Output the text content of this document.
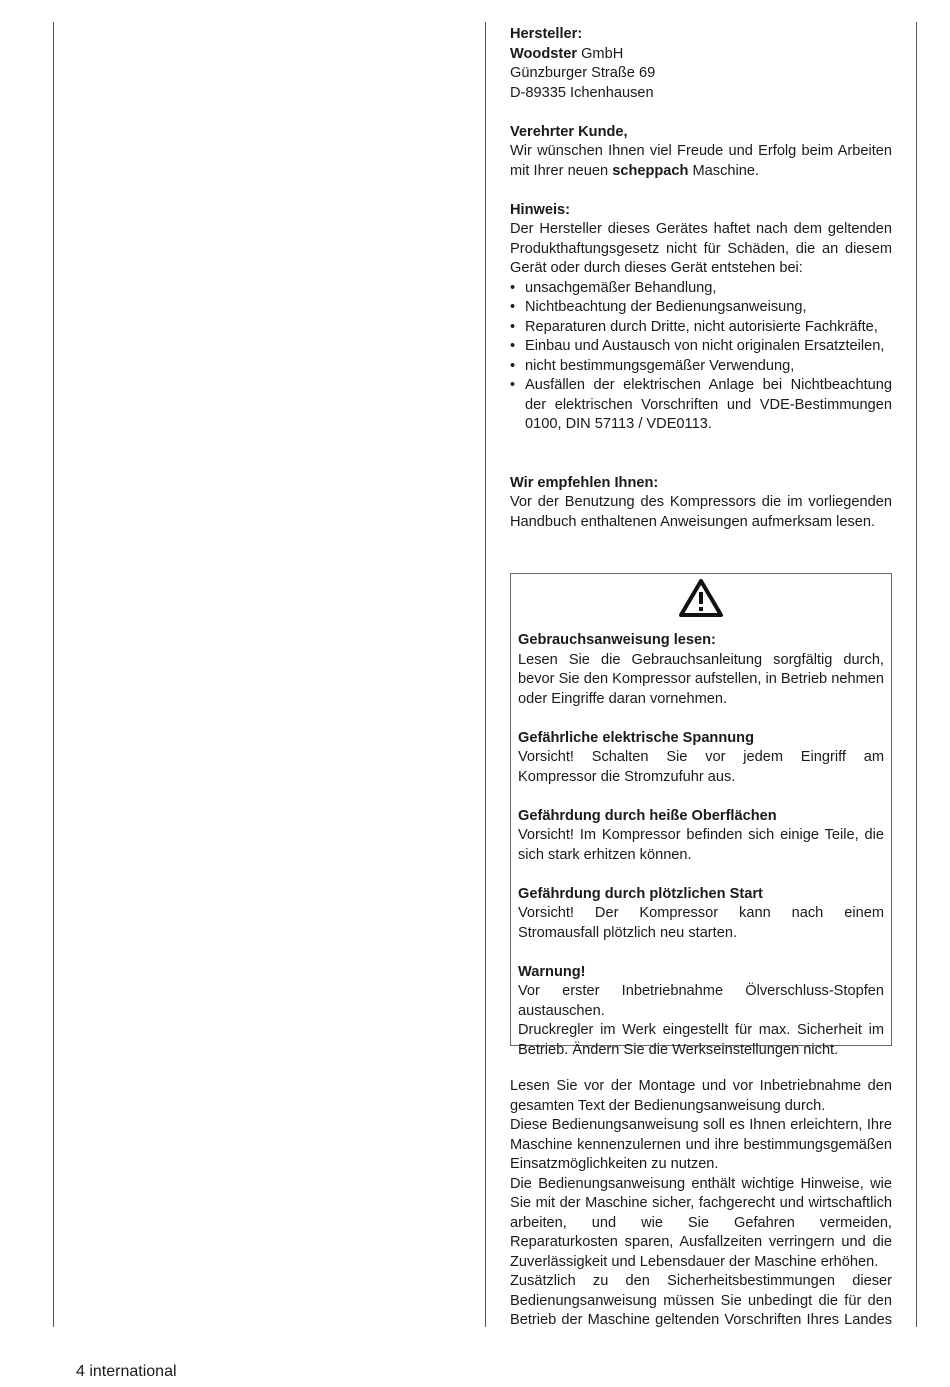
Hersteller:

Woodster GmbH

Günzburger Straße 69

D-89335 Ichenhausen

Verehrter Kunde,

Wir wünschen Ihnen viel Freude und Erfolg beim Arbeiten mit Ihrer neuen scheppach Maschine.

Hinweis:

Der Hersteller dieses Gerätes haftet nach dem geltenden Produkthaftungsgesetz nicht für Schäden, die an diesem Gerät oder durch dieses Gerät entstehen bei:

• unsachgemäßer Behandlung,
• Nichtbeachtung der Bedienungsanweisung,
• Reparaturen durch Dritte, nicht autorisierte Fachkräfte,
• Einbau und Austausch von nicht originalen Ersatzteilen,
• nicht bestimmungsgemäßer Verwendung,
• Ausfällen der elektrischen Anlage bei Nichtbeachtung der elektrischen Vorschriften und VDE-Bestimmungen 0100, DIN 57113 / VDE0113.

Wir empfehlen Ihnen:

Vor der Benutzung des Kompressors die im vorliegenden Handbuch enthaltenen Anweisungen aufmerksam lesen.

Gebrauchsanweisung lesen:

Lesen Sie die Gebrauchsanleitung sorgfältig durch, bevor Sie den Kompressor aufstellen, in Betrieb nehmen oder Eingriffe daran vornehmen.

Gefährliche elektrische Spannung

Vorsicht! Schalten Sie vor jedem Eingriff am Kompressor die Stromzufuhr aus.

Gefährdung durch heiße Oberflächen

Vorsicht! Im Kompressor befinden sich einige Teile, die sich stark erhitzen können.

Gefährdung durch plötzlichen Start

Vorsicht! Der Kompressor kann nach einem Stromausfall plötzlich neu starten.

Warnung!

Vor erster Inbetriebnahme Ölverschluss-Stopfen austauschen.

Druckregler im Werk eingestellt für max. Sicherheit im Betrieb. Ändern Sie die Werkseinstellungen nicht.

Lesen Sie vor der Montage und vor Inbetriebnahme den gesamten Text der Bedienungsanweisung durch.

Diese Bedienungsanweisung soll es Ihnen erleichtern, Ihre Maschine kennenzulernen und ihre bestimmungsgemäßen Einsatzmöglichkeiten zu nutzen.

Die Bedienungsanweisung enthält wichtige Hinweise, wie Sie mit der Maschine sicher, fachgerecht und wirtschaftlich arbeiten, und wie Sie Gefahren vermeiden, Reparaturkosten sparen, Ausfallzeiten verringern und die Zuverlässigkeit und Lebensdauer der Maschine erhöhen.

Zusätzlich zu den Sicherheitsbestimmungen dieser Bedienungsanweisung müssen Sie unbedingt die für den Betrieb der Maschine geltenden Vorschriften Ihres Landes

4 international
